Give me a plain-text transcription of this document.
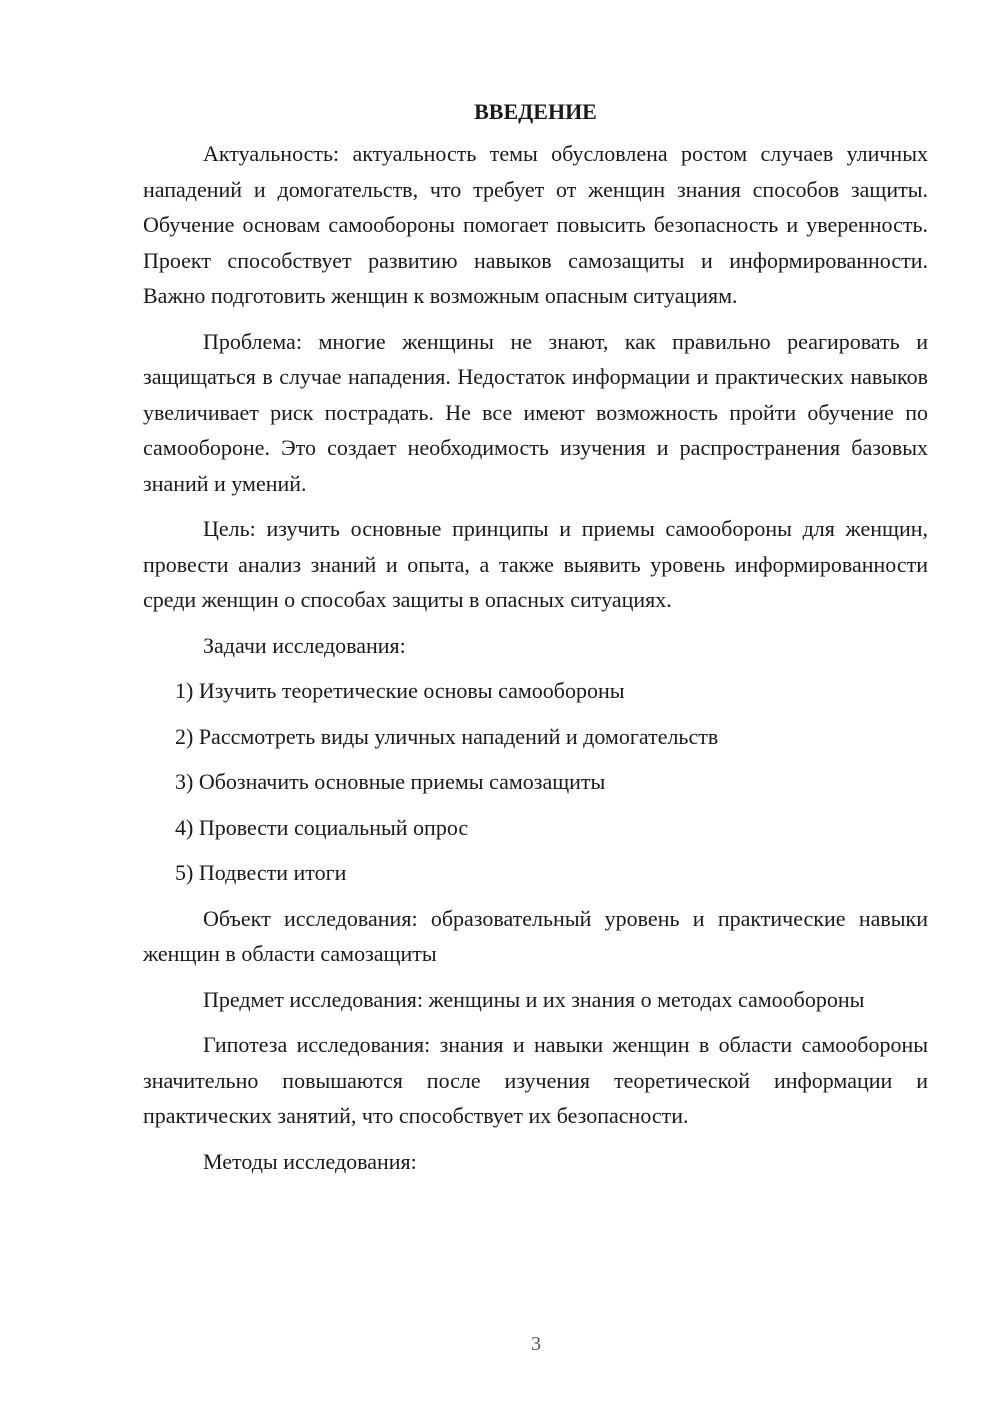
ВВЕДЕНИЕ

Актуальность: актуальность темы обусловлена ростом случаев уличных нападений и домогательств, что требует от женщин знания способов защиты. Обучение основам самообороны помогает повысить безопасность и уверенность. Проект способствует развитию навыков самозащиты и информированности. Важно подготовить женщин к возможным опасным ситуациям.

Проблема: многие женщины не знают, как правильно реагировать и защищаться в случае нападения. Недостаток информации и практических навыков увеличивает риск пострадать. Не все имеют возможность пройти обучение по самообороне. Это создает необходимость изучения и распространения базовых знаний и умений.

Цель: изучить основные принципы и приемы самообороны для женщин, провести анализ знаний и опыта, а также выявить уровень информированности среди женщин о способах защиты в опасных ситуациях.

Задачи исследования:

1) Изучить теоретические основы самообороны
2) Рассмотреть виды уличных нападений и домогательств
3) Обозначить основные приемы самозащиты
4) Провести социальный опрос
5) Подвести итоги

Объект исследования: образовательный уровень и практические навыки женщин в области самозащиты

Предмет исследования: женщины и их знания о методах самообороны

Гипотеза исследования: знания и навыки женщин в области самообороны значительно повышаются после изучения теоретической информации и практических занятий, что способствует их безопасности.

Методы исследования:

3
